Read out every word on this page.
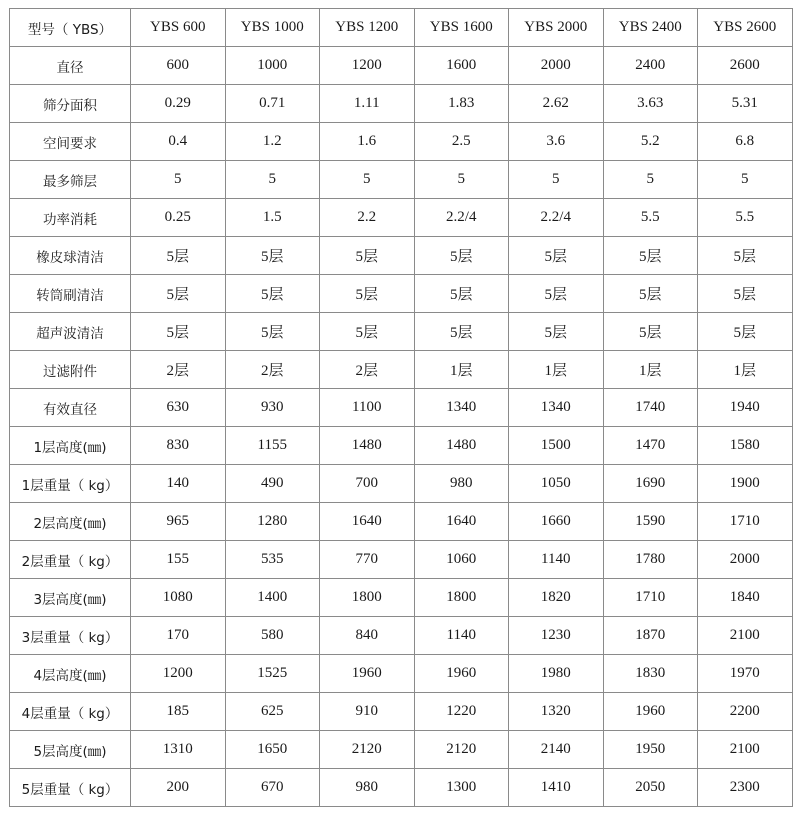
型号（ YBS）	YBS 600	YBS 1000	YBS 1200	YBS 1600	YBS 2000	YBS 2400	YBS 2600
直径	600	1000	1200	1600	2000	2400	2600
筛分面积	0.29	0.71	1.11	1.83	2.62	3.63	5.31
空间要求	0.4	1.2	1.6	2.5	3.6	5.2	6.8
最多筛层	5	5	5	5	5	5	5
功率消耗	0.25	1.5	2.2	2.2/4	2.2/4	5.5	5.5
橡皮球清洁	5层	5层	5层	5层	5层	5层	5层
转筒刷清洁	5层	5层	5层	5层	5层	5层	5层
超声波清洁	5层	5层	5层	5层	5层	5层	5层
过滤附件	2层	2层	2层	1层	1层	1层	1层
有效直径	630	930	1100	1340	1340	1740	1940
1层高度(㎜)	830	1155	1480	1480	1500	1470	1580
1层重量（ kg）	140	490	700	980	1050	1690	1900
2层高度(㎜)	965	1280	1640	1640	1660	1590	1710
2层重量（ kg）	155	535	770	1060	1140	1780	2000
3层高度(㎜)	1080	1400	1800	1800	1820	1710	1840
3层重量（ kg）	170	580	840	1140	1230	1870	2100
4层高度(㎜)	1200	1525	1960	1960	1980	1830	1970
4层重量（ kg）	185	625	910	1220	1320	1960	2200
5层高度(㎜)	1310	1650	2120	2120	2140	1950	2100
5层重量（ kg）	200	670	980	1300	1410	2050	2300
